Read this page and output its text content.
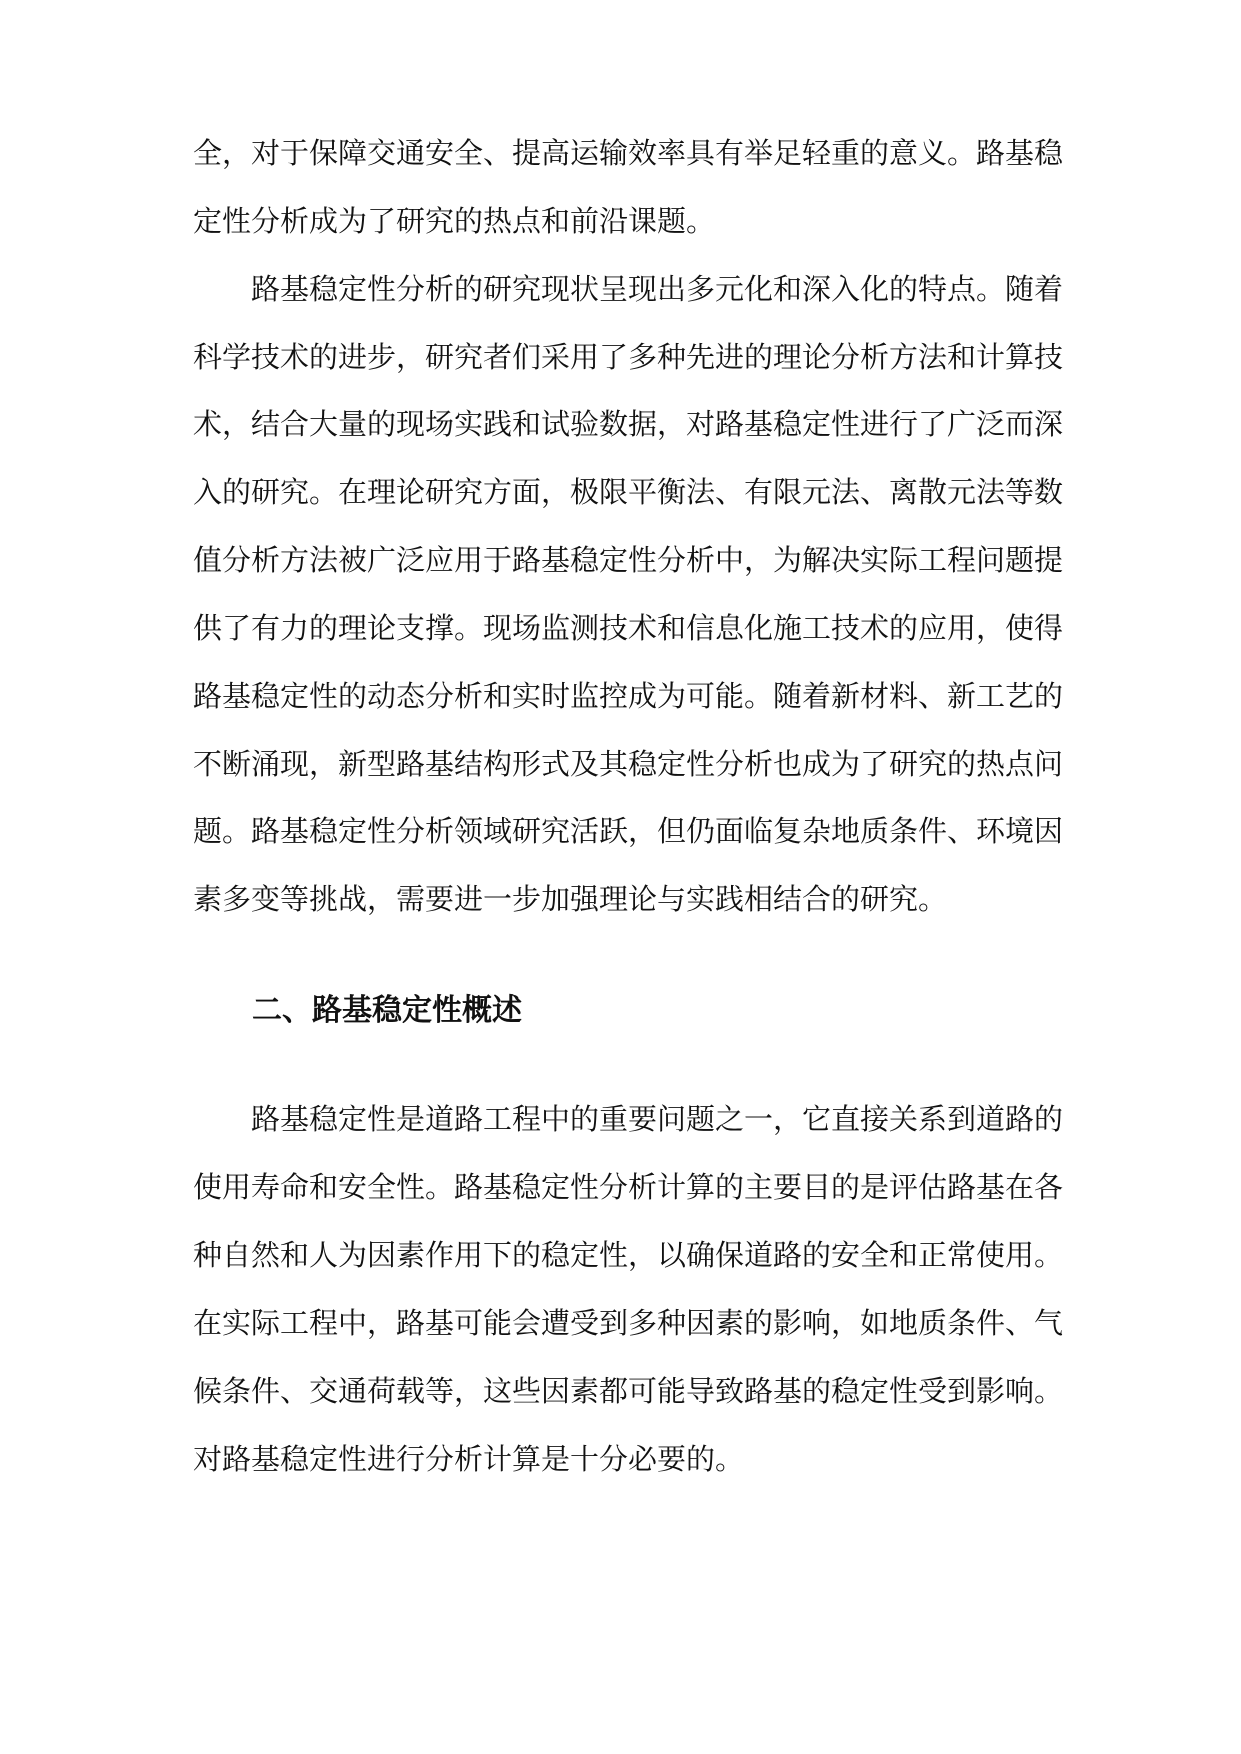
全，对于保障交通安全、提高运输效率具有举足轻重的意义。路基稳
定性分析成为了研究的热点和前沿课题。
　　路基稳定性分析的研究现状呈现出多元化和深入化的特点。随着
科学技术的进步，研究者们采用了多种先进的理论分析方法和计算技
术，结合大量的现场实践和试验数据，对路基稳定性进行了广泛而深
入的研究。在理论研究方面，极限平衡法、有限元法、离散元法等数
值分析方法被广泛应用于路基稳定性分析中，为解决实际工程问题提
供了有力的理论支撑。现场监测技术和信息化施工技术的应用，使得
路基稳定性的动态分析和实时监控成为可能。随着新材料、新工艺的
不断涌现，新型路基结构形式及其稳定性分析也成为了研究的热点问
题。路基稳定性分析领域研究活跃，但仍面临复杂地质条件、环境因
素多变等挑战，需要进一步加强理论与实践相结合的研究。
二、路基稳定性概述
　　路基稳定性是道路工程中的重要问题之一，它直接关系到道路的
使用寿命和安全性。路基稳定性分析计算的主要目的是评估路基在各
种自然和人为因素作用下的稳定性，以确保道路的安全和正常使用。
在实际工程中，路基可能会遭受到多种因素的影响，如地质条件、气
候条件、交通荷载等，这些因素都可能导致路基的稳定性受到影响。
对路基稳定性进行分析计算是十分必要的。
